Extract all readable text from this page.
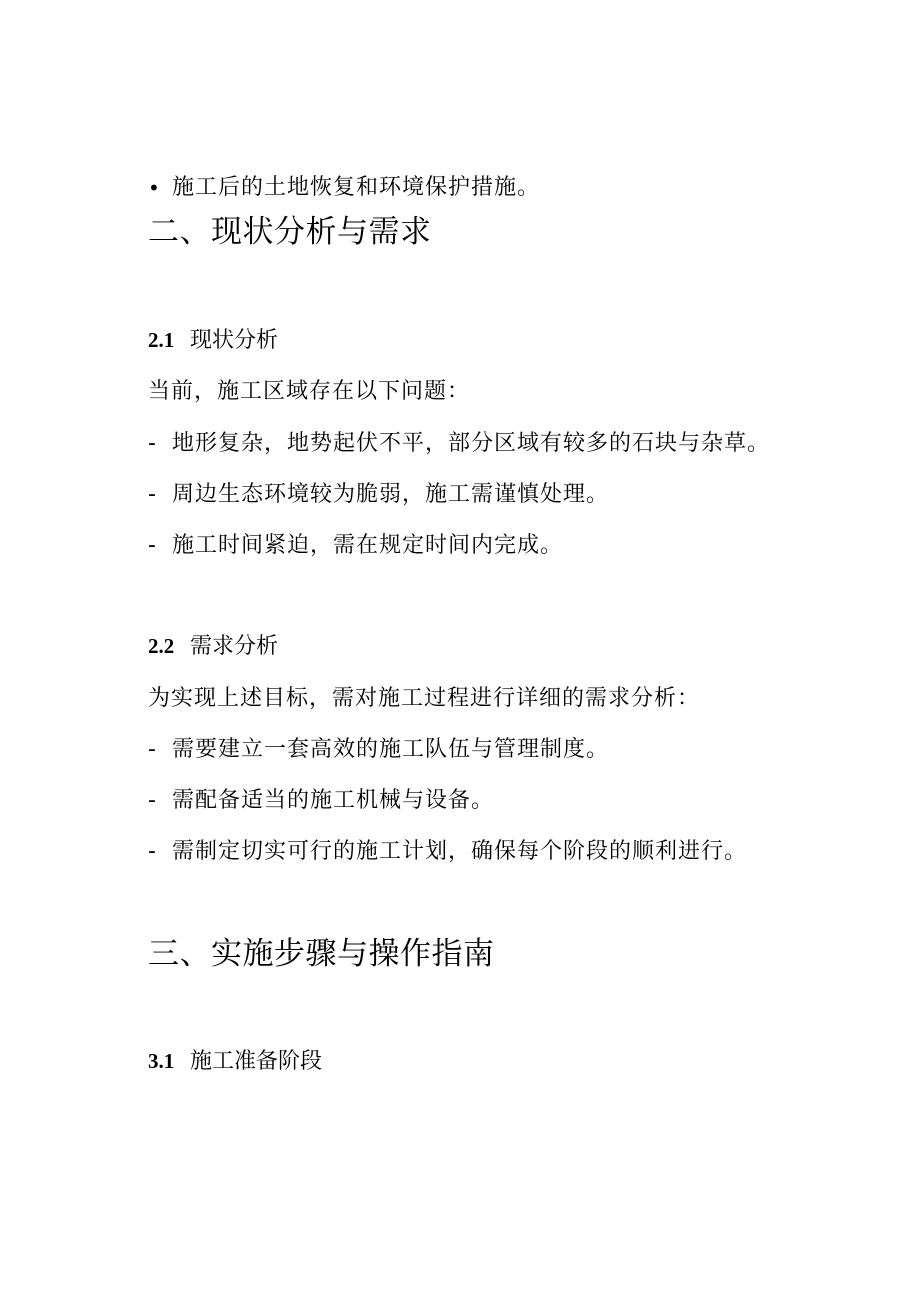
• 施工后的土地恢复和环境保护措施。
二、现状分析与需求
2.1 现状分析
当前，施工区域存在以下问题：
- 地形复杂，地势起伏不平，部分区域有较多的石块与杂草。
- 周边生态环境较为脆弱，施工需谨慎处理。
- 施工时间紧迫，需在规定时间内完成。
2.2 需求分析
为实现上述目标，需对施工过程进行详细的需求分析：
- 需要建立一套高效的施工队伍与管理制度。
- 需配备适当的施工机械与设备。
- 需制定切实可行的施工计划，确保每个阶段的顺利进行。
三、实施步骤与操作指南
3.1 施工准备阶段
